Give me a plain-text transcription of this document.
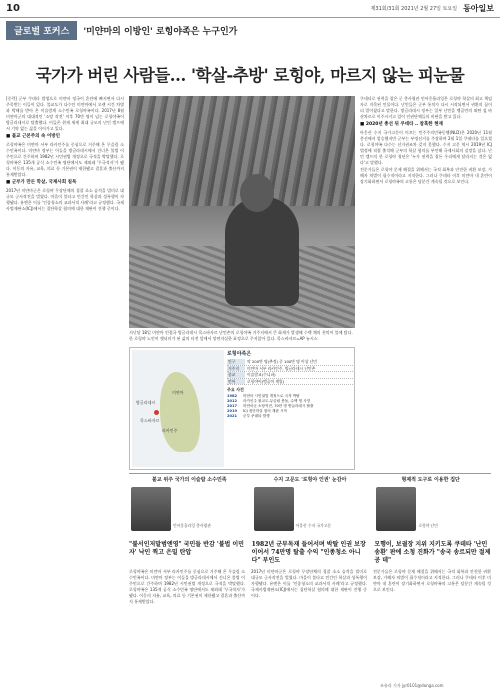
10	제31회/31회 2021년 2월 27일 토요일 동아일보
글로벌 포커스	'미얀마의 이방인' 로힝야족은 누구인가
국가가 버린 사람들… '학살-추방' 로힝야, 마르지 않는 피눈물

[중략] 군부 쿠데타 발생으로 미얀마 정국이 혼란에 빠지면서 다시 주목받는 이들이 있다. 불교도가 다수인 미얀마에서 오랜 시간 차별과 박해를 받아 온 이슬람계 소수민족 로힝야족이다. 2017년 8월 미얀마군의 대대적인 '소탕 작전' 이후 70만 명이 넘는 로힝야족이 방글라데시로 탈출했다. 이들은 현재 세계 최대 규모의 난민 캠프에서 기약 없는 삶을 이어가고 있다.

■ 불교 근본주의 속 이방인

로힝야족은 미얀마 서부 라카인주를 중심으로 거주해 온 무슬림 소수민족이다. 미얀마 정부는 이들을 방글라데시에서 건너온 불법 이주민으로 간주하며 1982년 시민권법 개정으로 국적을 박탈했다. 로힝야족은 135개 공식 소수민족 명단에서도 제외돼 '무국적자'가 됐다. 이동의 자유, 교육, 의료 등 기본권이 제한됐고 결혼과 출산까지 통제받았다.

■ 군부가 만든 학살, 국제사회 침묵

2017년 미얀마군은 로힝야 무장단체의 경찰 초소 습격을 빌미로 대규모 군사작전을 벌였다. 마을이 불타고 민간인 학살과 성폭행이 자행됐다. 유엔은 이를 '인종청소의 교과서적 사례'라고 규정했다. 국제사법재판소(ICJ)에서는 집단학살 혐의에 대한 재판이 진행 중이다.

쿠데타로 권력을 잡은 군 총사령관 민아웅흘라잉은 로힝야 학살의 최고 책임자로 지목된 인물이다. 난민들은 군부 통치가 다시 시작되면서 귀환의 꿈이 더 멀어졌다고 말한다. 방글라데시 정부는 일부 난민을 벵골만의 외딴 섬 바샨차르로 이주시키고 있어 인권단체들의 비판을 받고 있다.

■ 2020년 총선 뒤 쿠데타 ‥ 참혹한 현재

아웅산 수지 국가고문이 이끄는 민주주의민족동맹(NLD)은 2020년 11월 총선에서 압승했지만 군부는 부정선거를 주장하며 2월 1일 쿠데타를 일으켰다. 로힝야족 다수는 선거권조차 갖지 못했다. 수지 고문 역시 2019년 ICJ 법정에 직접 출석해 군부의 학살 혐의를 부인해 국제사회의 실망을 샀다. 난민 캠프의 한 로힝야 청년은 '누가 권력을 잡든 우리에게 달라지는 것은 없다'고 말했다.

전문가들은 로힝야 문제 해결을 위해서는 국적 회복과 안전한 귀환 보장, 가해자 처벌이 필수적이라고 지적한다. 그러나 쿠데타 이후 미얀마 내 혼란이 장기화하면서 로힝야족의 고통은 당분간 계속될 것으로 보인다.

지난달 18일 미얀마 인접국 방글라데시 콕스바자르 난민촌의 로힝야족 거주지에서 큰 화재가 발생해 수백 채의 천막이 불에 탔다. 한 로힝야 노인이 잿더미가 된 삶의 터전 앞에서 망연자실한 표정으로 주저앉아 있다. 콕스바자르=AP 뉴시스
미얀마
방글라데시
콕스바자르
라카인주
로힝야족은
인구	약 200만 명(추정) 중 100만 명 이상 난민
거주지	미얀마 서부 라카인주, 방글라데시 난민촌
종교	이슬람교(수니파)
언어	로힝야어(벵골어 계열)
주요 사건
1982	미얀마 시민권법 개정으로 국적 박탈
2012	라카인주 불교도-무슬림 충돌, 수백 명 사망
2017	미얀마군 소탕작전, 70만 명 방글라데시 탈출
2019	ICJ 집단학살 혐의 재판 시작
2021	군부 쿠데타 발생
불교 위주 국가의 이슬람 소수민족	수지 고문도 '로힝야 인권' 눈감아	형제적 도구로 이용한 집단
민아웅흘라잉 총사령관	아웅산 수지 국가고문	로힝야 난민
"불서인저말범엔영" 국민들 반감 '불법 이민자' 낙인 찍고 은밀 탄압
1982년 군부독재 들어서며 박탈 인권 보장이어서 74만명 탈출 수익 "인종청소 아니다" 부인도
모행이, 보궐장 지위 지키도록 쿠데타 '난민 송환' 판에 소청 진화가 "송국 송르되만 절제공 데"

로힝야족은 미얀마 서부 라카인주를 중심으로 거주해 온 무슬림 소수민족이다. 미얀마 정부는 이들을 방글라데시에서 건너온 불법 이주민으로 간주하며 1982년 시민권법 개정으로 국적을 박탈했다. 로힝야족은 135개 공식 소수민족 명단에서도 제외돼 '무국적자'가 됐다. 이동의 자유, 교육, 의료 등 기본권이 제한됐고 결혼과 출산까지 통제받았다.

2017년 미얀마군은 로힝야 무장단체의 경찰 초소 습격을 빌미로 대규모 군사작전을 벌였다. 마을이 불타고 민간인 학살과 성폭행이 자행됐다. 유엔은 이를 '인종청소의 교과서적 사례'라고 규정했다. 국제사법재판소(ICJ)에서는 집단학살 혐의에 대한 재판이 진행 중이다.

전문가들은 로힝야 문제 해결을 위해서는 국적 회복과 안전한 귀환 보장, 가해자 처벌이 필수적이라고 지적한다. 그러나 쿠데타 이후 미얀마 내 혼란이 장기화하면서 로힝야족의 고통은 당분간 계속될 것으로 보인다.

조유라 기자 jyr0101@donga.com
